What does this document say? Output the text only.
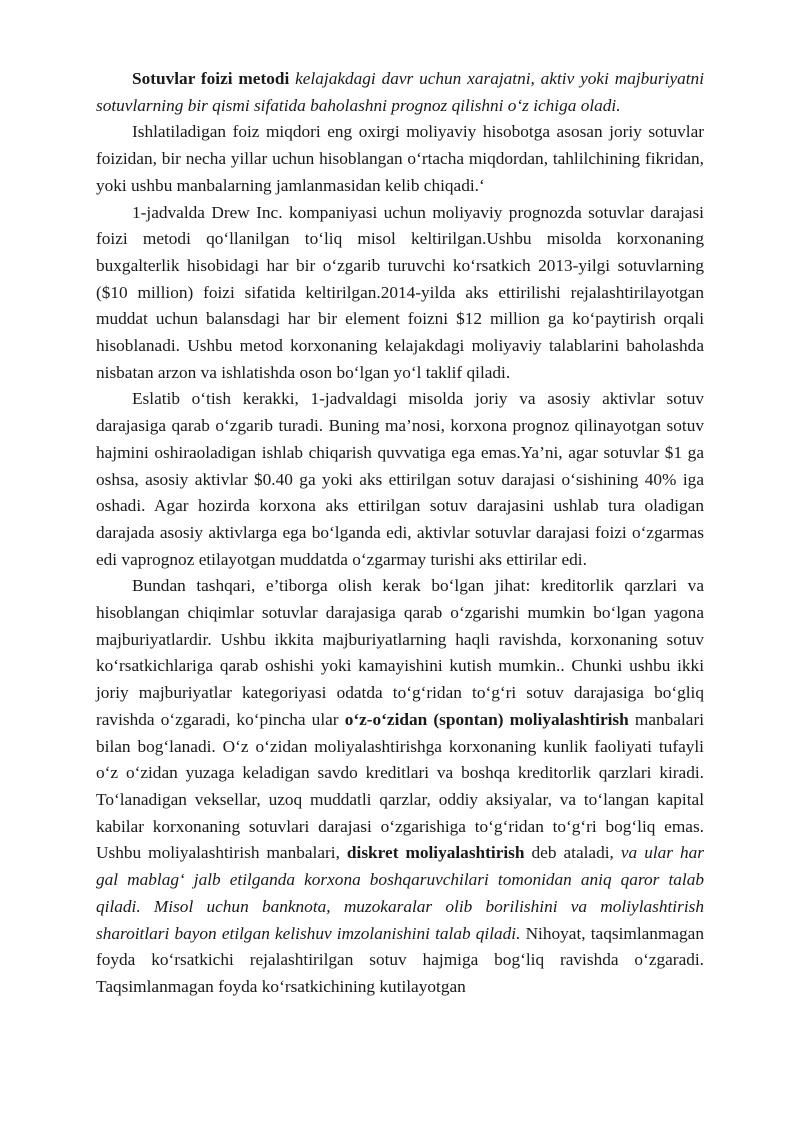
Sotuvlar foizi metodi kelajakdagi davr uchun xarajatni, aktiv yoki majburiyatni sotuvlarning bir qismi sifatida baholashni prognoz qilishni o‘z ichiga oladi.

Ishlatiladigan foiz miqdori eng oxirgi moliyaviy hisobotga asosan joriy sotuvlar foizidan, bir necha yillar uchun hisoblangan o‘rtacha miqdordan, tahlilchining fikridan, yoki ushbu manbalarning jamlanmasidan kelib chiqadi.‘

1-jadvalda Drew Inc. kompaniyasi uchun moliyaviy prognozda sotuvlar darajasi foizi metodi qo‘llanilgan to‘liq misol keltirilgan.Ushbu misolda korxonaning buxgalterlik hisobidagi har bir o‘zgarib turuvchi ko‘rsatkich 2013-yilgi sotuvlarning ($10 million) foizi sifatida keltirilgan.2014-yilda aks ettirilishi rejalashtirilayotgan muddat uchun balansdagi har bir element foizni $12 million ga ko‘paytirish orqali hisoblanadi. Ushbu metod korxonaning kelajakdagi moliyaviy talablarini baholashda nisbatan arzon va ishlatishda oson bo‘lgan yo‘l taklif qiladi.

Eslatib o‘tish kerakki, 1-jadvaldagi misolda joriy va asosiy aktivlar sotuv darajasiga qarab o‘zgarib turadi. Buning ma’nosi, korxona prognoz qilinayotgan sotuv hajmini oshiraoladigan ishlab chiqarish quvvatiga ega emas.Ya’ni, agar sotuvlar $1 ga oshsa, asosiy aktivlar $0.40 ga yoki aks ettirilgan sotuv darajasi o‘sishining 40% iga oshadi. Agar hozirda korxona aks ettirilgan sotuv darajasini ushlab tura oladigan darajada asosiy aktivlarga ega bo‘lganda edi, aktivlar sotuvlar darajasi foizi o‘zgarmas edi vaprognoz etilayotgan muddatda o‘zgarmay turishi aks ettirilar edi.

Bundan tashqari, e’tiborga olish kerak bo‘lgan jihat: kreditorlik qarzlari va hisoblangan chiqimlar sotuvlar darajasiga qarab o‘zgarishi mumkin bo‘lgan yagona majburiyatlardir. Ushbu ikkita majburiyatlarning haqli ravishda, korxonaning sotuv ko‘rsatkichlariga qarab oshishi yoki kamayishini kutish mumkin.. Chunki ushbu ikki joriy majburiyatlar kategoriyasi odatda to‘g‘ridan to‘g‘ri sotuv darajasiga bo‘gliq ravishda o‘zgaradi, ko‘pincha ular o‘z-o‘zidan (spontan) moliyalashtirish manbalari bilan bog‘lanadi. O‘z o‘zidan moliyalashtirishga korxonaning kunlik faoliyati tufayli o‘z o‘zidan yuzaga keladigan savdo kreditlari va boshqa kreditorlik qarzlari kiradi. To‘lanadigan veksellar, uzoq muddatli qarzlar, oddiy aksiyalar, va to‘langan kapital kabilar korxonaning sotuvlari darajasi o‘zgarishiga to‘g‘ridan to‘g‘ri bog‘liq emas. Ushbu moliyalashtirish manbalari, diskret moliyalashtirish deb ataladi, va ular har gal mablag‘ jalb etilganda korxona boshqaruvchilari tomonidan aniq qaror talab qiladi. Misol uchun banknota, muzokaralar olib borilishini va moliylashtirish sharoitlari bayon etilgan kelishuv imzolanishini talab qiladi. Nihoyat, taqsimlanmagan foyda ko‘rsatkichi rejalashtirilgan sotuv hajmiga bog‘liq ravishda o‘zgaradi. Taqsimlanmagan foyda ko‘rsatkichining kutilayotgan
